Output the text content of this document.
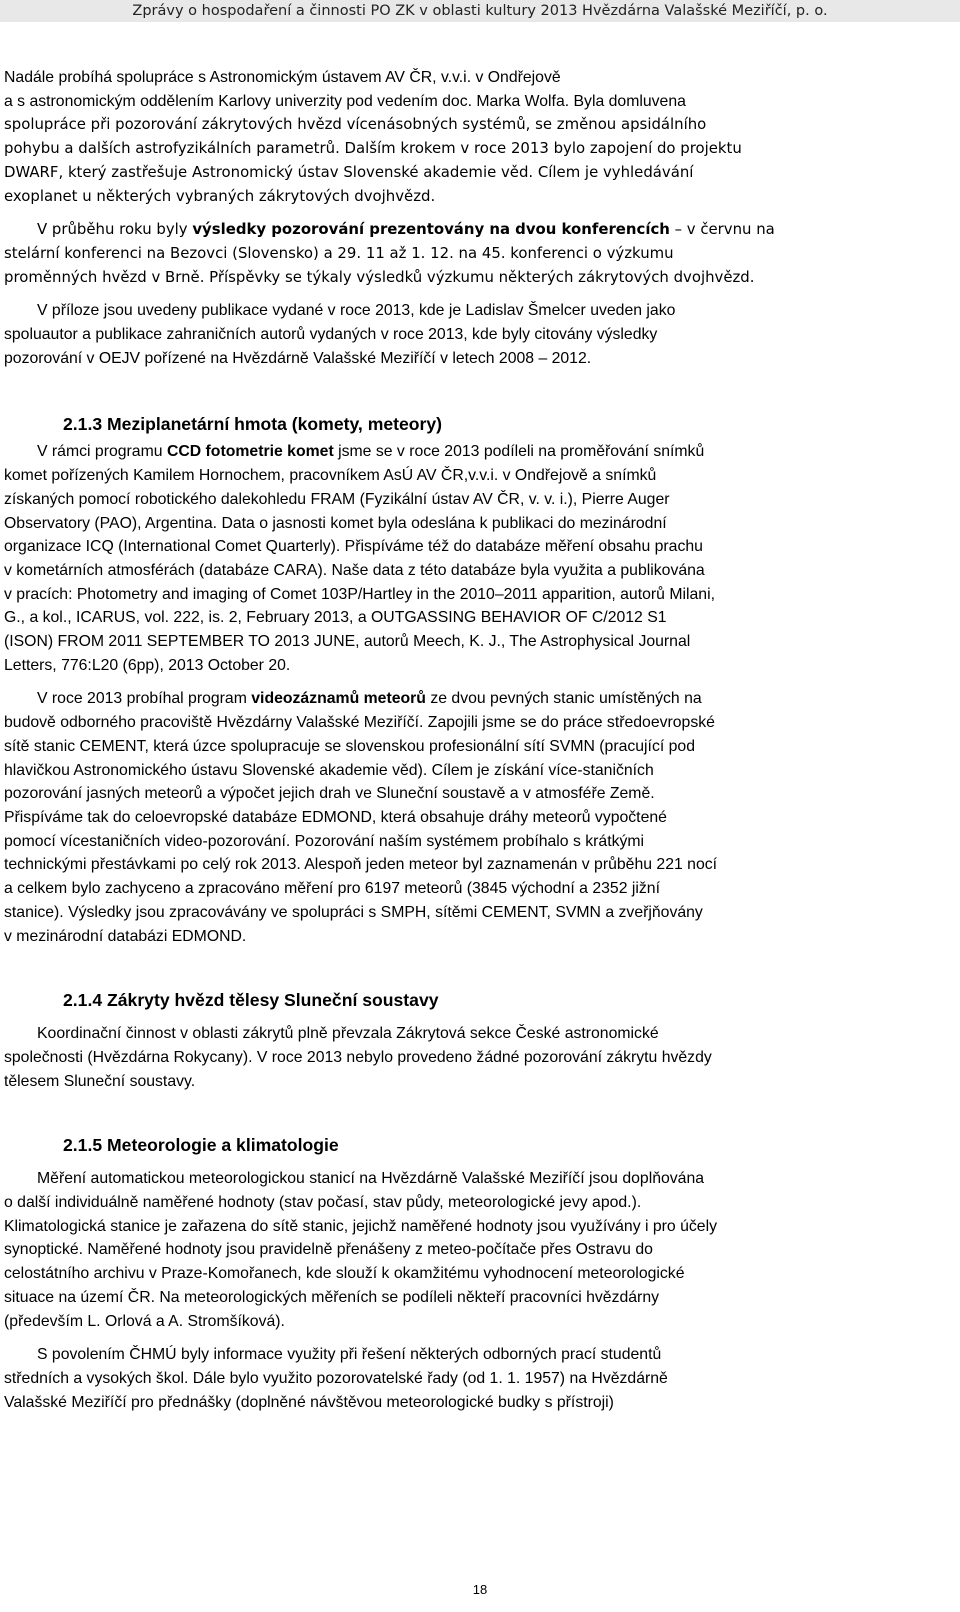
Zprávy o hospodaření a činnosti PO ZK v oblasti kultury 2013 Hvězdárna Valašské Meziříčí, p. o.
Nadále probíhá spolupráce s Astronomickým ústavem AV ČR, v.v.i. v Ondřejově
a s astronomickým oddělením Karlovy univerzity pod vedením doc. Marka Wolfa. Byla domluvena
spolupráce při pozorování zákrytových hvězd vícenásobných systémů, se změnou apsidálního
pohybu a dalších astrofyzikálních parametrů. Dalším krokem v roce 2013 bylo zapojení do projektu
DWARF, který zastřešuje Astronomický ústav Slovenské akademie věd. Cílem je vyhledávání
exoplanet u některých vybraných zákrytových dvojhvězd.
V průběhu roku byly výsledky pozorování prezentovány na dvou konferencích – v červnu na
stelární konferenci na Bezovci (Slovensko) a 29. 11 až 1. 12. na 45. konferenci o výzkumu
proměnných hvězd v Brně. Příspěvky se týkaly výsledků výzkumu některých zákrytových dvojhvězd.
V příloze jsou uvedeny publikace vydané v roce 2013, kde je Ladislav Šmelcer uveden jako
spoluautor a publikace zahraničních autorů vydaných v roce 2013, kde byly citovány výsledky
pozorování v OEJV pořízené na Hvězdárně Valašské Meziříčí v letech 2008 – 2012.
2.1.3 Meziplanetární hmota (komety, meteory)
V rámci programu CCD fotometrie komet jsme se v roce 2013 podíleli na proměřování snímků
komet pořízených Kamilem Hornochem, pracovníkem AsÚ AV ČR,v.v.i. v Ondřejově a snímků
získaných pomocí robotického dalekohledu FRAM (Fyzikální ústav AV ČR, v. v. i.), Pierre Auger
Observatory (PAO), Argentina. Data o jasnosti komet byla odeslána k publikaci do mezinárodní
organizace ICQ (International Comet Quarterly). Přispíváme též do databáze měření obsahu prachu
v kometárních atmosférách (databáze CARA). Naše data z této databáze byla využita a publikována
v pracích: Photometry and imaging of Comet 103P/Hartley in the 2010–2011 apparition, autorů Milani,
G., a kol., ICARUS, vol. 222, is. 2, February 2013, a OUTGASSING BEHAVIOR OF C/2012 S1
(ISON) FROM 2011 SEPTEMBER TO 2013 JUNE, autorů Meech, K. J., The Astrophysical Journal
Letters, 776:L20 (6pp), 2013 October 20.
V roce 2013 probíhal program videozáznamů meteorů ze dvou pevných stanic umístěných na
budově odborného pracoviště Hvězdárny Valašské Meziříčí. Zapojili jsme se do práce středoevropské
sítě stanic CEMENT, která úzce spolupracuje se slovenskou profesionální sítí SVMN (pracující pod
hlavičkou Astronomického ústavu Slovenské akademie věd). Cílem je získání více-staničních
pozorování jasných meteorů a výpočet jejich drah ve Sluneční soustavě a v atmosféře Země.
Přispíváme tak do celoevropské databáze EDMOND, která obsahuje dráhy meteorů vypočtené
pomocí vícestaničních video-pozorování. Pozorování naším systémem probíhalo s krátkými
technickými přestávkami po celý rok 2013. Alespoň jeden meteor byl zaznamenán v průběhu 221 nocí
a celkem bylo zachyceno a zpracováno měření pro 6197 meteorů (3845 východní a 2352 jižní
stanice). Výsledky jsou zpracovávány ve spolupráci s SMPH, sítěmi CEMENT, SVMN a zveřjňovány
v mezinárodní databázi EDMOND.
2.1.4 Zákryty hvězd tělesy Sluneční soustavy
Koordinační činnost v oblasti zákrytů plně převzala Zákrytová sekce České astronomické
společnosti (Hvězdárna Rokycany). V roce 2013 nebylo provedeno žádné pozorování zákrytu hvězdy
tělesem Sluneční soustavy.
2.1.5 Meteorologie a klimatologie
Měření automatickou meteorologickou stanicí na Hvězdárně Valašské Meziříčí jsou doplňována
o další individuálně naměřené hodnoty (stav počasí, stav půdy, meteorologické jevy apod.).
Klimatologická stanice je zařazena do sítě stanic, jejichž naměřené hodnoty jsou využívány i pro účely
synoptické. Naměřené hodnoty jsou pravidelně přenášeny z meteo-počítače přes Ostravu do
celostátního archivu v Praze-Komořanech, kde slouží k okamžitému vyhodnocení meteorologické
situace na území ČR. Na meteorologických měřeních se podíleli někteří pracovníci hvězdárny
(především L. Orlová a A. Stromšíková).
S povolením ČHMÚ byly informace využity při řešení některých odborných prací studentů
středních a vysokých škol. Dále bylo využito pozorovatelské řady (od 1. 1. 1957) na Hvězdárně
Valašské Meziříčí pro přednášky (doplněné návštěvou meteorologické budky s přístroji)
18
